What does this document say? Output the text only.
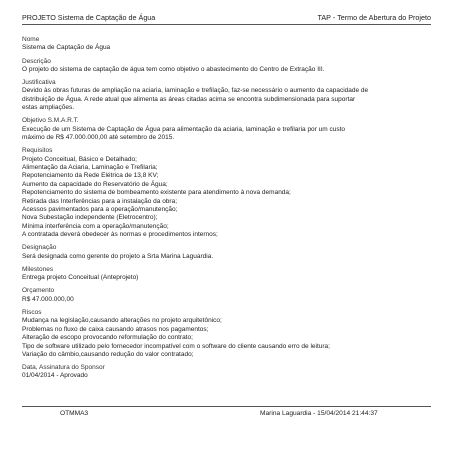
PROJETO Sistema de Captação de Água	TAP - Termo de Abertura do Projeto
Nome
Sistema de Captação de Água
Descrição
O projeto do sistema de captação de água tem como objetivo o abastecimento do Centro de Extração III.
Justificativa
Devido às obras futuras de ampliação na aciaria, laminação e trefilação, faz-se necessário o aumento da capacidade de
distribuição de Água. A rede atual que alimenta as áreas citadas acima se encontra subdimensionada para suportar
estas ampliações.
Objetivo S.M.A.R.T.
Execução de um Sistema de Captação de Água para alimentação da aciaria, laminação e trefilaria por um custo
máximo de R$ 47.000.000,00 até setembro de 2015.
Requisitos
Projeto Conceitual, Básico e Detalhado;
Alimentação da Aciaria, Laminação e Trefilaria;
Repotenciamento da Rede Elétrica de 13,8 KV;
Aumento da capacidade do Reservatório de Água;
Repotenciamento do sistema de bombeamento existente para atendimento à nova demanda;
Retirada das Interferências para a instalação da obra;
Acessos pavimentados para a operação/manutenção;
Nova Subestação independente (Eletrocentro);
Mínima interferência com a operação/manutenção;
A contratada deverá obedecer às normas e procedimentos internos;
Designação
Será designada como gerente do projeto a Srta Marina Laguardia.
Milestones
Entrega projeto Conceitual (Anteprojeto)
Orçamento
R$ 47.000.000,00
Riscos
Mudança na legislação,causando alterações no projeto arquitetônico;
Problemas no fluxo de caixa causando atrasos nos pagamentos;
Alteração de escopo provocando reformulação do contrato;
Tipo de software utilizado pelo fornecedor incompatível com o software do cliente causando erro de leitura;
Variação do câmbio,causando redução do valor contratado;
Data, Assinatura do Sponsor
01/04/2014 - Aprovado
OTMMA3	Marina Laguardia - 15/04/2014 21:44:37
